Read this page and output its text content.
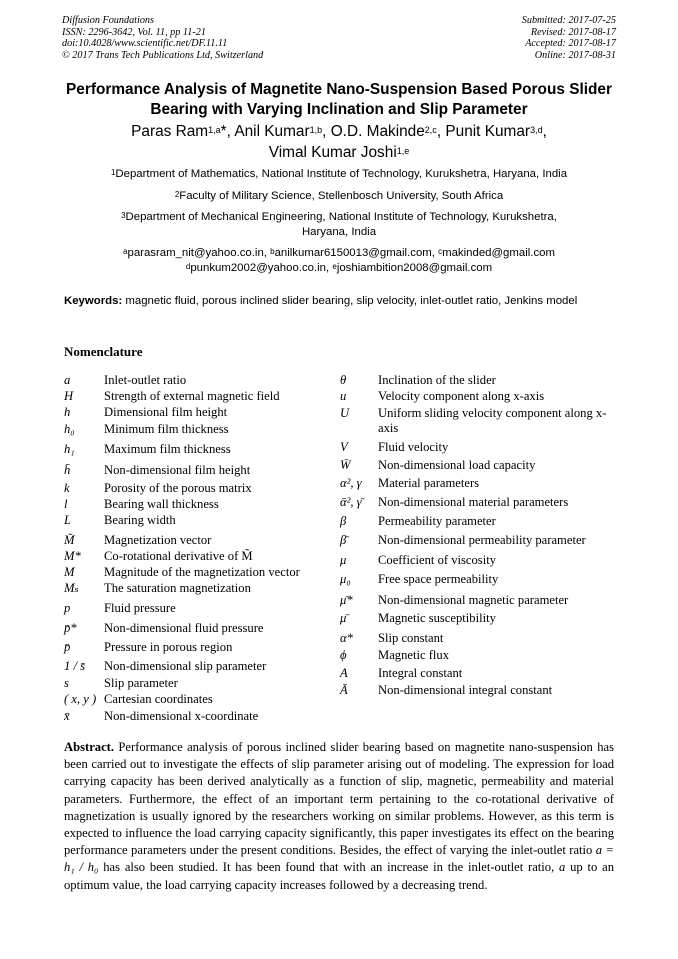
Diffusion Foundations
ISSN: 2296-3642, Vol. 11, pp 11-21
doi:10.4028/www.scientific.net/DF.11.11
© 2017 Trans Tech Publications Ltd, Switzerland
Submitted: 2017-07-25
Revised: 2017-08-17
Accepted: 2017-08-17
Online: 2017-08-31
Performance Analysis of Magnetite Nano-Suspension Based Porous Slider Bearing with Varying Inclination and Slip Parameter
Paras Ram$^{1,a}$*, Anil Kumar$^{1,b}$, O.D. Makinde$^{2,c}$, Punit Kumar$^{3,d}$,
Vimal Kumar Joshi$^{1,e}$
$^1$Department of Mathematics, National Institute of Technology, Kurukshetra, Haryana, India
$^2$Faculty of Military Science, Stellenbosch University, South Africa
$^3$Department of Mechanical Engineering, National Institute of Technology, Kurukshetra, Haryana, India
$^a$parasram_nit@yahoo.co.in, $^b$anilkumar6150013@gmail.com, $^c$makinded@gmail.com
$^d$punkum2002@yahoo.co.in, $^e$joshiambition2008@gmail.com
Keywords: magnetic fluid, porous inclined slider bearing, slip velocity, inlet-outlet ratio, Jenkins model
Nomenclature
a	Inlet-outlet ratio
H Strength of external magnetic field
h	Dimensional film height
h₀ Minimum film thickness
h₁ Maximum film thickness
h̄	Non-dimensional film height
k	Porosity of the porous matrix
l	Bearing wall thickness
L	Bearing width
M̃ Magnetization vector
M* Co-rotational derivative of M̃
M Magnitude of the magnetization vector
Mₛ The saturation magnetization
p	Fluid pressure
p̄* Non-dimensional fluid pressure
p̄	Pressure in porous region
1 / s̄ Non-dimensional slip parameter
s	Slip parameter
( x, y ) Cartesian coordinates
x̄	Non-dimensional x-coordinate
θ	Inclination of the slider
u	Velocity component along x-axis
U Uniform sliding velocity component along x-axis
V⃗ Fluid velocity
W̄ Non-dimensional load capacity
α², γ Material parameters
ᾱ², γ̄ Non-dimensional material parameters
β	Permeability parameter
β̄	Non-dimensional permeability parameter
μ	Coefficient of viscosity
μ₀ Free space permeability
μ̄* Non-dimensional magnetic parameter
μ̄	Magnetic susceptibility
α* Slip constant
ϕ Magnetic flux
A Integral constant
Ā Non-dimensional integral constant
Abstract. Performance analysis of porous inclined slider bearing based on magnetite nano-suspension has been carried out to investigate the effects of slip parameter arising out of modeling. The expression for load carrying capacity has been derived analytically as a function of slip, magnetic, permeability and material parameters. Furthermore, the effect of an important term pertaining to the co-rotational derivative of magnetization is usually ignored by the researchers working on similar problems. However, as this term is expected to influence the load carrying capacity significantly, this paper investigates its effect on the bearing performance parameters under the present conditions. Besides, the effect of varying the inlet-outlet ratio a = h₁ / h₀ has also been studied. It has been found that with an increase in the inlet-outlet ratio, a up to an optimum value, the load carrying capacity increases followed by a decreasing trend.
